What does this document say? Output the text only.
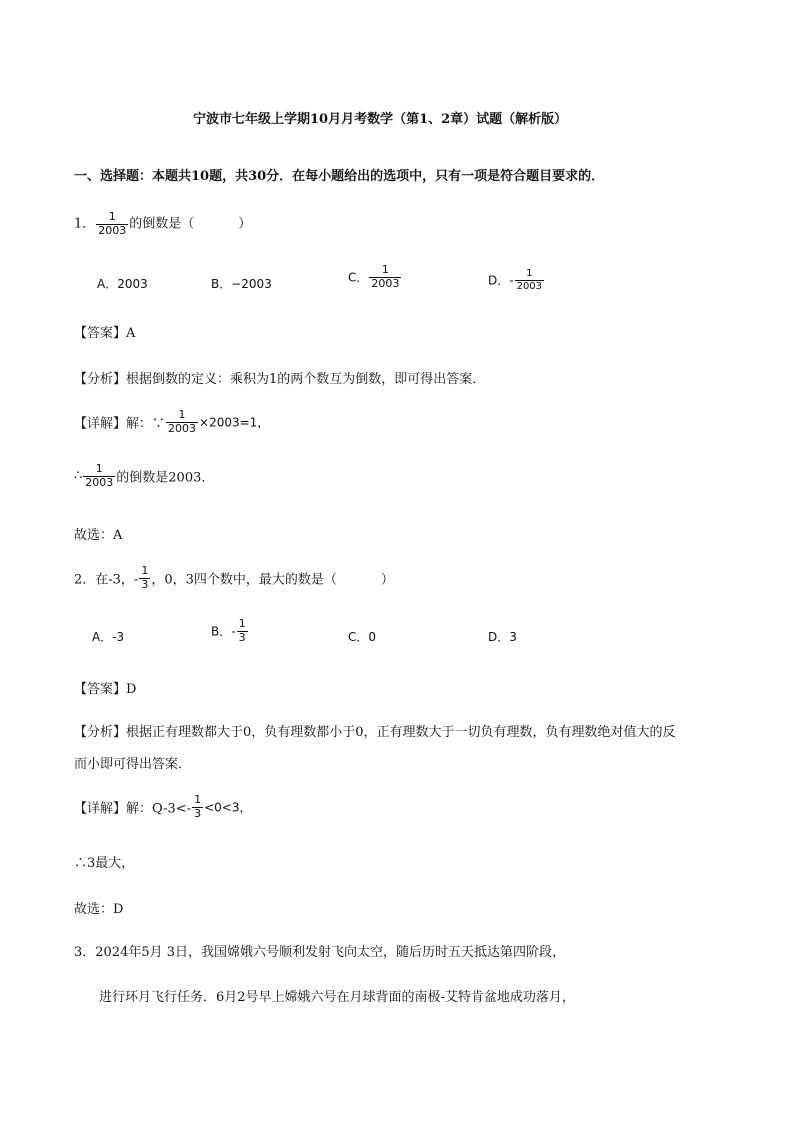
宁波市七年级上学期10月月考数学（第1、2章）试题（解析版）
一、选择题：本题共10题，共30分．在每小题给出的选项中，只有一项是符合题目要求的．
1． $\frac{1}{2003}$ 的倒数是（	）
A．2003	B．−2003	C． $\frac{1}{2003}$	D．- $\frac{1}{2003}$
【答案】A
【分析】根据倒数的定义：乘积为1的两个数互为倒数，即可得出答案．
【详解】解：∵ $\frac{1}{2003} \times 2003=1$，
∴ $\frac{1}{2003}$ 的倒数是2003．
故选：A
2．在-3，- $\frac{1}{3}$ ，0，3四个数中，最大的数是（	）
A．-3	B．- $\frac{1}{3}$	C．0	D．3
【答案】D
【分析】根据正有理数都大于0，负有理数都小于0，正有理数大于一切负有理数，负有理数绝对值大的反
而小即可得出答案．
【详解】解：$Q-3<- \frac{1}{3} <0<3$，
∴3最大，
故选：D
3．2024年5月 3日，我国嫦娥六号顺利发射飞向太空，随后历时五天抵达第四阶段，
进行环月飞行任务．6月2号早上嫦娥六号在月球背面的南极-艾特肯盆地成功落月，
